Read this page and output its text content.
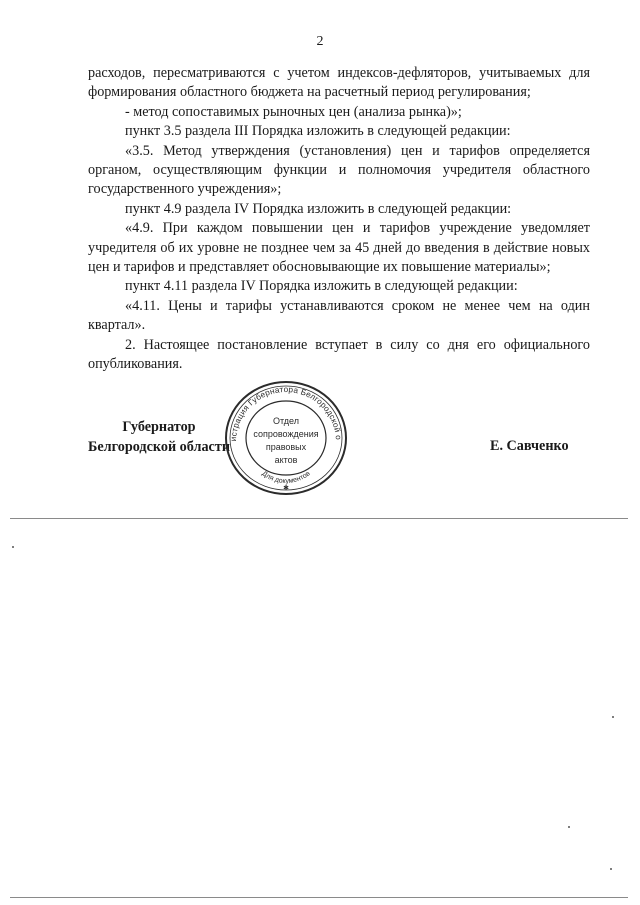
2

расходов, пересматриваются с учетом индексов-дефляторов, учитываемых для формирования областного бюджета на расчетный период регулирования;

- метод сопоставимых рыночных цен (анализа рынка)»;

пункт 3.5 раздела III Порядка изложить в следующей редакции:

«3.5. Метод утверждения (установления) цен и тарифов определяется органом, осуществляющим функции и полномочия учредителя областного государственного учреждения»;

пункт 4.9 раздела IV Порядка изложить в следующей редакции:

«4.9. При каждом повышении цен и тарифов учреждение уведомляет учредителя об их уровне не позднее чем за 45 дней до введения в действие новых цен и тарифов и представляет обосновывающие их повышение материалы»;

пункт 4.11 раздела IV Порядка изложить в следующей редакции:

«4.11. Цены и тарифы устанавливаются сроком не менее чем на один квартал».

2. Настоящее постановление вступает в силу со дня его официального опубликования.

Губернатор
Белгородской области
истрация Губернатора Белгородской о
Для документов
Отдел
сопровождения
правовых
актов
✱
Е. Савченко
